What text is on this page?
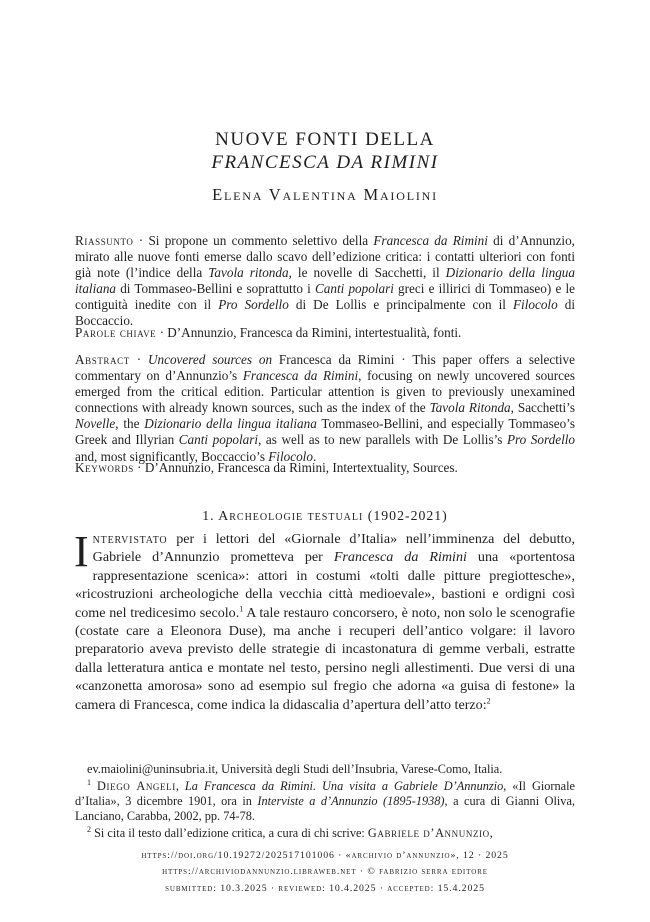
NUOVE FONTI DELLA

FRANCESCA DA RIMINI
Elena Valentina Maiolini
Riassunto · Si propone un commento selettivo della Francesca da Rimini di d’Annunzio, mirato alle nuove fonti emerse dallo scavo dell’edizione critica: i contatti ulteriori con fonti già note (l’indice della Tavola ritonda, le novelle di Sacchetti, il Dizionario della lingua italiana di Tommaseo-Bellini e soprattutto i Canti popolari greci e illirici di Tommaseo) e le contiguità inedite con il Pro Sordello di De Lollis e principalmente con il Filocolo di Boccaccio.
Parole chiave · D’Annunzio, Francesca da Rimini, intertestualità, fonti.
Abstract · Uncovered sources on Francesca da Rimini · This paper offers a selective commentary on d’Annunzio’s Francesca da Rimini, focusing on newly uncovered sources emerged from the critical edition. Particular attention is given to previously unexamined connections with already known sources, such as the index of the Tavola Ritonda, Sacchetti’s Novelle, the Dizionario della lingua italiana Tommaseo-Bellini, and especially Tommaseo’s Greek and Illyrian Canti popolari, as well as to new parallels with De Lollis’s Pro Sordello and, most significantly, Boccaccio’s Filocolo.
Keywords · D’Annunzio, Francesca da Rimini, Intertextuality, Sources.
1. Archeologie testuali (1902-2021)
Intervistato per i lettori del «Giornale d’Italia» nell’imminenza del debutto, Gabriele d’Annunzio prometteva per Francesca da Rimini una «portentosa rappresentazione scenica»: attori in costumi «tolti dalle pitture pregiottesche», «ricostruzioni archeologiche della vecchia città medioevale», bastioni e ordigni così come nel tredicesimo secolo.$^1$ A tale restauro concorsero, è noto, non solo le scenografie (costate care a Eleonora Duse), ma anche i recuperi dell’antico volgare: il lavoro preparatorio aveva previsto delle strategie di incastonatura di gemme verbali, estratte dalla letteratura antica e montate nel testo, persino negli allestimenti. Due versi di una «canzonetta amorosa» sono ad esempio sul fregio che adorna «a guisa di festone» la camera di Francesca, come indica la didascalia d’apertura dell’atto terzo:$^2$
ev.maiolini@uninsubria.it, Università degli Studi dell’Insubria, Varese-Como, Italia.
$^1$ Diego Angeli, La Francesca da Rimini. Una visita a Gabriele D’Annunzio, «Il Giornale d’Italia», 3 dicembre 1901, ora in Interviste a d’Annunzio (1895-1938), a cura di Gianni Oliva, Lanciano, Carabba, 2002, pp. 74-78.
$^2$ Si cita il testo dall’edizione critica, a cura di chi scrive: Gabriele d’Annunzio,
https://doi.org/10.19272/202517101006 · «archivio d’annunzio», 12 · 2025
https://archiviodannunzio.libraweb.net · © fabrizio serra editore
submitted: 10.3.2025 · reviewed: 10.4.2025 · accepted: 15.4.2025
